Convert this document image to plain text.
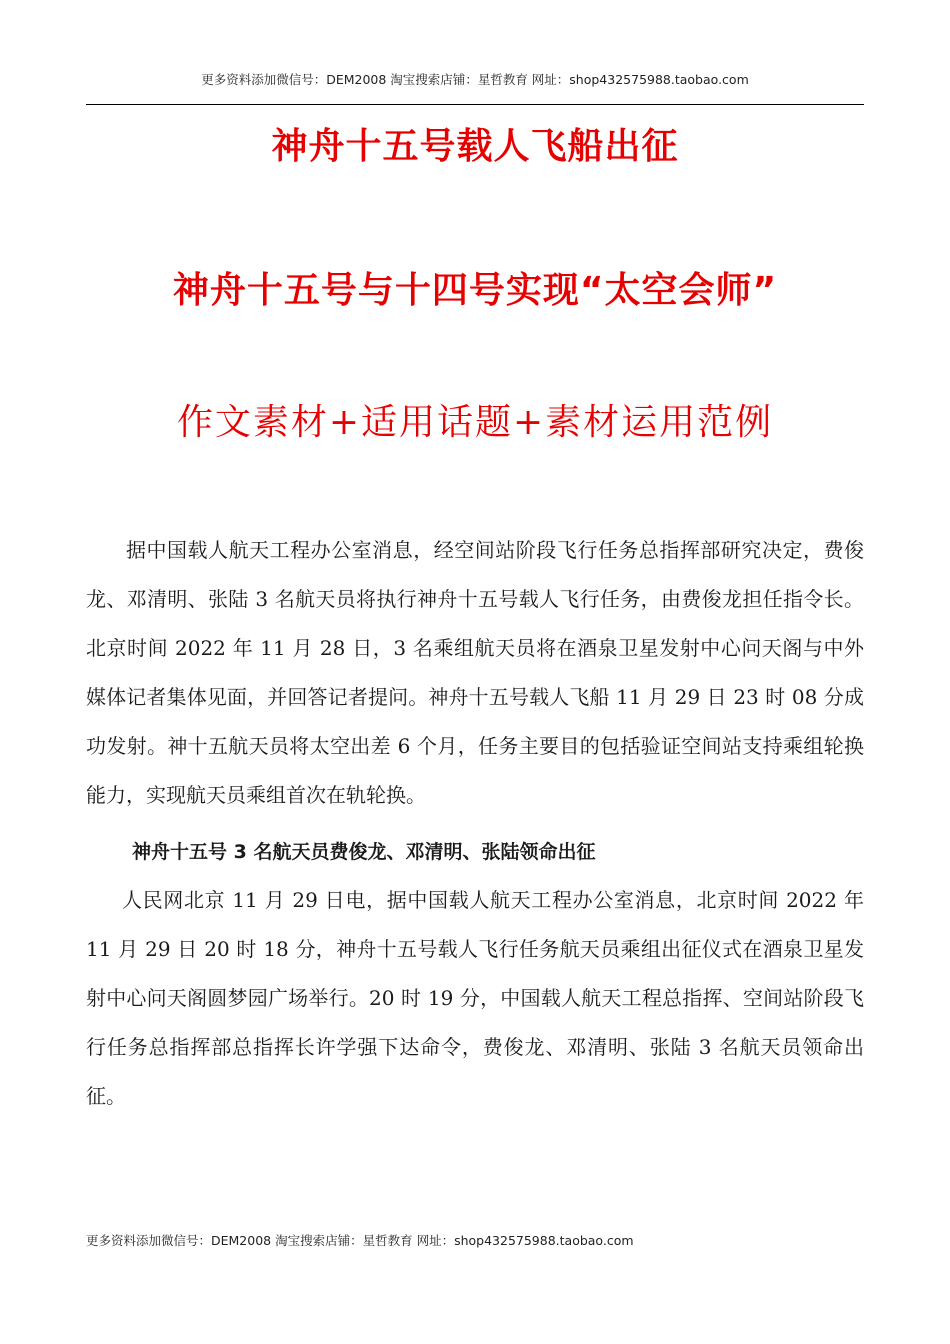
更多资料添加微信号：DEM2008 淘宝搜索店铺：星哲教育 网址：shop432575988.taobao.com
神舟十五号载人飞船出征
神舟十五号与十四号实现“太空会师”
作文素材+适用话题+素材运用范例

据中国载人航天工程办公室消息，经空间站阶段飞行任务总指挥部研究决定，费俊龙、邓清明、张陆 3 名航天员将执行神舟十五号载人飞行任务，由费俊龙担任指令长。北京时间 2022 年 11 月 28 日，3 名乘组航天员将在酒泉卫星发射中心问天阁与中外媒体记者集体见面，并回答记者提问。神舟十五号载人飞船 11 月 29 日 23 时 08 分成功发射。神十五航天员将太空出差 6 个月，任务主要目的包括验证空间站支持乘组轮换能力，实现航天员乘组首次在轨轮换。

神舟十五号 3 名航天员费俊龙、邓清明、张陆领命出征

人民网北京 11 月 29 日电，据中国载人航天工程办公室消息，北京时间 2022 年 11 月 29 日 20 时 18 分，神舟十五号载人飞行任务航天员乘组出征仪式在酒泉卫星发射中心问天阁圆梦园广场举行。20 时 19 分，中国载人航天工程总指挥、空间站阶段飞行任务总指挥部总指挥长许学强下达命令，费俊龙、邓清明、张陆 3 名航天员领命出征。

更多资料添加微信号：DEM2008 淘宝搜索店铺：星哲教育 网址：shop432575988.taobao.com
